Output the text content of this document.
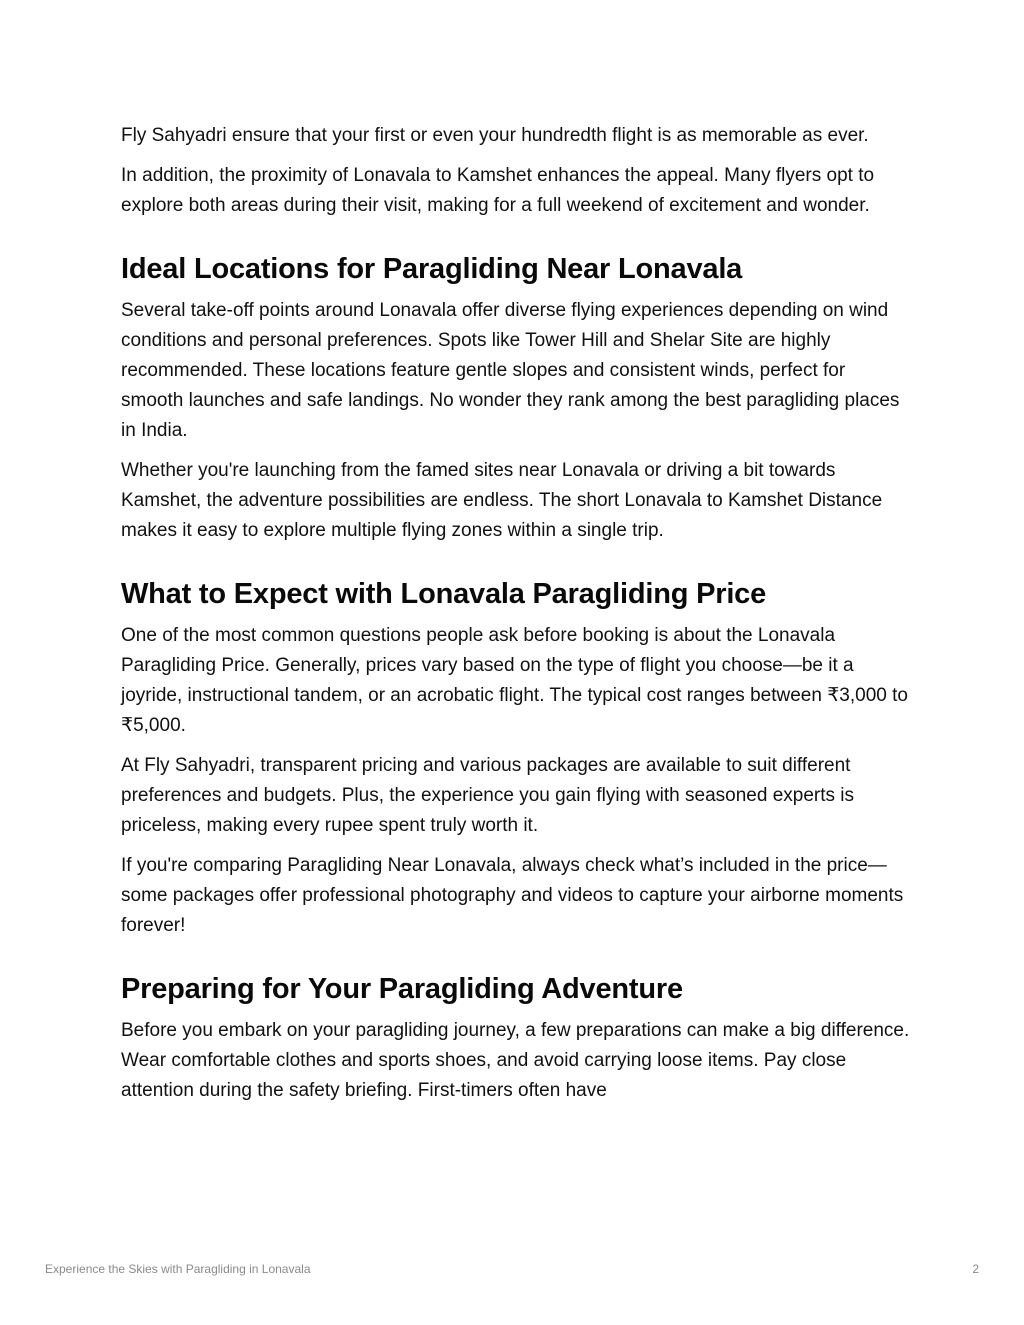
Fly Sahyadri ensure that your first or even your hundredth flight is as memorable as ever.

In addition, the proximity of Lonavala to Kamshet enhances the appeal. Many flyers opt to explore both areas during their visit, making for a full weekend of excitement and wonder.

Ideal Locations for Paragliding Near Lonavala

Several take-off points around Lonavala offer diverse flying experiences depending on wind conditions and personal preferences. Spots like Tower Hill and Shelar Site are highly recommended. These locations feature gentle slopes and consistent winds, perfect for smooth launches and safe landings. No wonder they rank among the best paragliding places in India.

Whether you're launching from the famed sites near Lonavala or driving a bit towards Kamshet, the adventure possibilities are endless. The short Lonavala to Kamshet Distance makes it easy to explore multiple flying zones within a single trip.

What to Expect with Lonavala Paragliding Price

One of the most common questions people ask before booking is about the Lonavala Paragliding Price. Generally, prices vary based on the type of flight you choose—be it a joyride, instructional tandem, or an acrobatic flight. The typical cost ranges between ₹3,000 to ₹5,000.

At Fly Sahyadri, transparent pricing and various packages are available to suit different preferences and budgets. Plus, the experience you gain flying with seasoned experts is priceless, making every rupee spent truly worth it.

If you're comparing Paragliding Near Lonavala, always check what’s included in the price—some packages offer professional photography and videos to capture your airborne moments forever!

Preparing for Your Paragliding Adventure

Before you embark on your paragliding journey, a few preparations can make a big difference. Wear comfortable clothes and sports shoes, and avoid carrying loose items. Pay close attention during the safety briefing. First-timers often have

Experience the Skies with Paragliding in Lonavala	2
